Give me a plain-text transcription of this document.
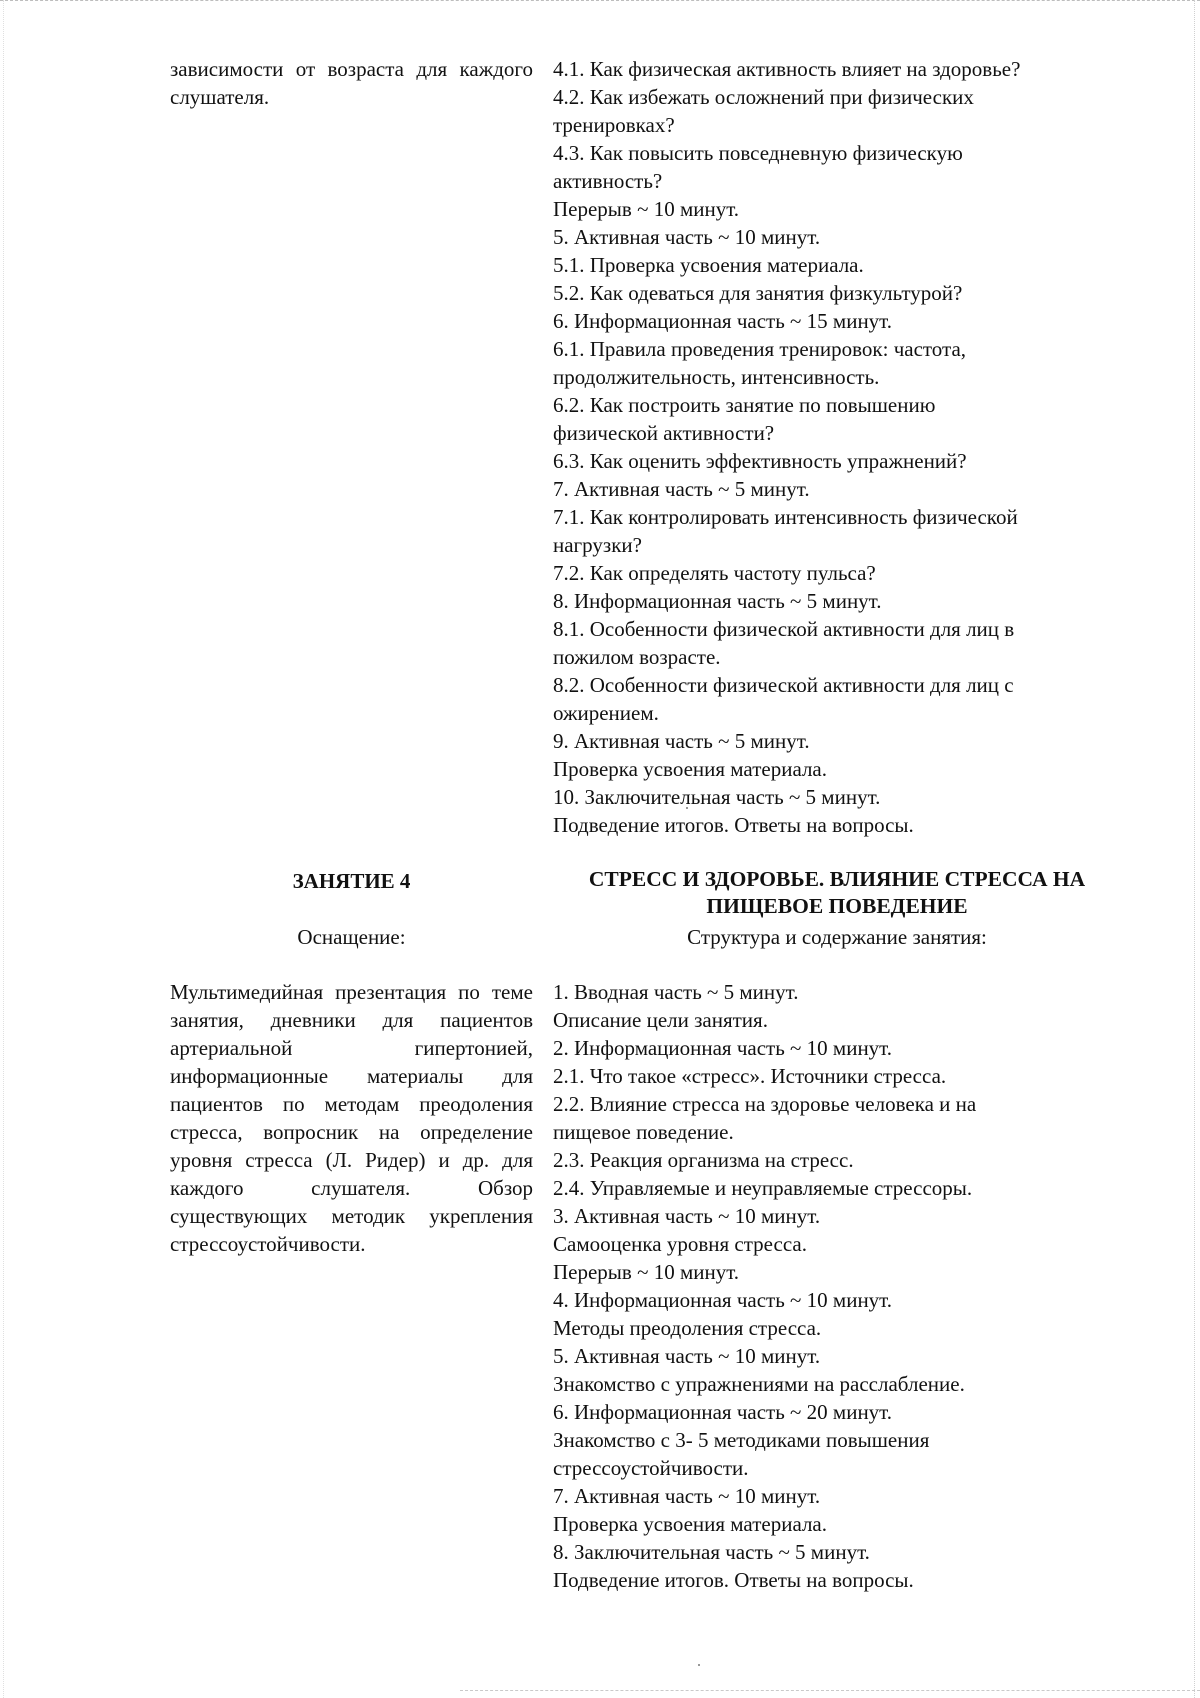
зависимости от возраста для каждого слушателя.

4.1. Как физическая активность влияет на здоровье?
4.2. Как избежать осложнений при физических
тренировках?
4.3. Как повысить повседневную физическую
активность?
Перерыв ~ 10 минут.
5. Активная часть ~ 10 минут.
5.1. Проверка усвоения материала.
5.2. Как одеваться для занятия физкультурой?
6. Информационная часть ~ 15 минут.
6.1. Правила проведения тренировок: частота,
продолжительность, интенсивность.
6.2. Как построить занятие по повышению
физической активности?
6.3. Как оценить эффективность упражнений?
7. Активная часть ~ 5 минут.
7.1. Как контролировать интенсивность физической
нагрузки?
7.2. Как определять частоту пульса?
8. Информационная часть ~ 5 минут.
8.1. Особенности физической активности для лиц в
пожилом возрасте.
8.2. Особенности физической активности для лиц с
ожирением.
9. Активная часть ~ 5 минут.
Проверка усвоения материала.
10. Заключительная часть ~ 5 минут.
Подведение итогов. Ответы на вопросы.

ЗАНЯТИЕ 4	СТРЕСС И ЗДОРОВЬЕ. ВЛИЯНИЕ СТРЕССА НА

ПИЩЕВОЕ ПОВЕДЕНИЕ

Оснащение:	Структура и содержание занятия:

Мультимедийная презентация по теме занятия, дневники для пациентов артериальной гипертонией, информационные материалы для пациентов по методам преодоления стресса, вопросник на определение уровня стресса (Л. Ридер) и др. для каждого слушателя. Обзор существующих методик укрепления стрессоустойчивости.

1. Вводная часть ~ 5 минут.
Описание цели занятия.
2. Информационная часть ~ 10 минут.
2.1. Что такое «стресс». Источники стресса.
2.2. Влияние стресса на здоровье человека и на
пищевое поведение.
2.3. Реакция организма на стресс.
2.4. Управляемые и неуправляемые стрессоры.
3. Активная часть ~ 10 минут.
Самооценка уровня стресса.
Перерыв ~ 10 минут.
4. Информационная часть ~ 10 минут.
Методы преодоления стресса.
5. Активная часть ~ 10 минут.
Знакомство с упражнениями на расслабление.
6. Информационная часть ~ 20 минут.
Знакомство с 3- 5 методиками повышения
стрессоустойчивости.
7. Активная часть ~ 10 минут.
Проверка усвоения материала.
8. Заключительная часть ~ 5 минут.
Подведение итогов. Ответы на вопросы.
